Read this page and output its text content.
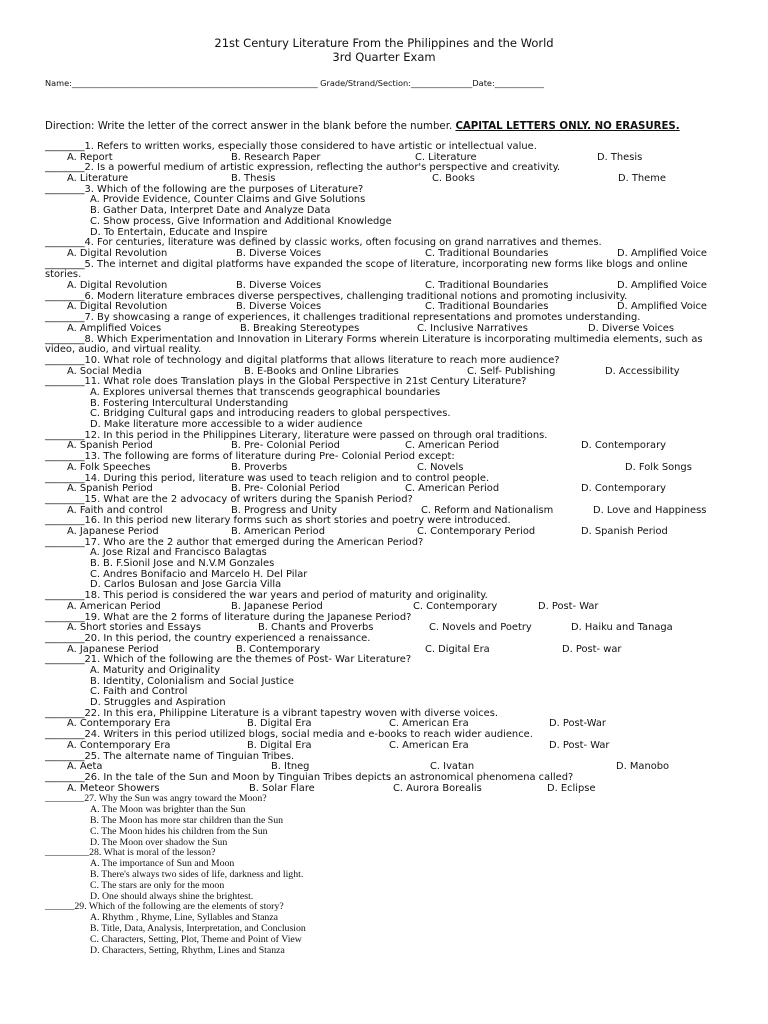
21st Century Literature From the Philippines and the World
3rd Quarter Exam
Name:____________________________________________________________ Grade/Strand/Section:_______________Date:____________
Direction: Write the letter of the correct answer in the blank before the number. CAPITAL LETTERS ONLY. NO ERASURES.
________1. Refers to written works, especially those considered to have artistic or intellectual value.
A. Report	B. Research Paper	C. Literature	D. Thesis
________2. Is a powerful medium of artistic expression, reflecting the author's perspective and creativity.
A. Literature	B. Thesis	C. Books	D. Theme
________3. Which of the following are the purposes of Literature?
A. Provide Evidence, Counter Claims and Give Solutions
B. Gather Data, Interpret Date and Analyze Data
C. Show process, Give Information and Additional Knowledge
D. To Entertain, Educate and Inspire
________4. For centuries, literature was defined by classic works, often focusing on grand narratives and themes.
A. Digital Revolution	B. Diverse Voices	C. Traditional Boundaries	D. Amplified Voice
________5. The internet and digital platforms have expanded the scope of literature, incorporating new forms like blogs and online stories.
A. Digital Revolution	B. Diverse Voices	C. Traditional Boundaries	D. Amplified Voice
________6. Modern literature embraces diverse perspectives, challenging traditional notions and promoting inclusivity.
A. Digital Revolution	B. Diverse Voices	C. Traditional Boundaries	D. Amplified Voice
________7. By showcasing a range of experiences, it challenges traditional representations and promotes understanding.
A. Amplified Voices	B. Breaking Stereotypes	C. Inclusive Narratives	D. Diverse Voices
________8. Which Experimentation and Innovation in Literary Forms wherein Literature is incorporating multimedia elements, such as video, audio, and virtual reality.
________10. What role of technology and digital platforms that allows literature to reach more audience?
A. Social Media	B. E-Books and Online Libraries	C. Self- Publishing	D. Accessibility
________11. What role does Translation plays in the Global Perspective in 21st Century Literature?
A. Explores universal themes that transcends geographical boundaries
B. Fostering Intercultural Understanding
C. Bridging Cultural gaps and introducing readers to global perspectives.
D. Make literature more accessible to a wider audience
________12. In this period in the Philippines Literary, literature were passed on through oral traditions.
A. Spanish Period	B. Pre- Colonial Period	C. American Period	D. Contemporary
________13. The following are forms of literature during Pre- Colonial Period except:
A. Folk Speeches	B. Proverbs	C. Novels	D. Folk Songs
________14. During this period, literature was used to teach religion and to control people.
A. Spanish Period	B. Pre- Colonial Period	C. American Period	D. Contemporary
________15. What are the 2 advocacy of writers during the Spanish Period?
A. Faith and control	B. Progress and Unity	C. Reform and Nationalism	D. Love and Happiness
________16. In this period new literary forms such as short stories and poetry were introduced.
A. Japanese Period	B. American Period	C. Contemporary Period	D. Spanish Period
________17. Who are the 2 author that emerged during the American Period?
A. Jose Rizal and Francisco Balagtas
B. B. F.Sionil Jose and N.V.M Gonzales
C. Andres Bonifacio and Marcelo H. Del Pilar
D. Carlos Bulosan and Jose Garcia Villa
________18. This period is considered the war years and period of maturity and originality.
A. American Period	B. Japanese Period	C. Contemporary	D. Post- War
________19. What are the 2 forms of literature during the Japanese Period?
A. Short stories and Essays	B. Chants and Proverbs	C. Novels and Poetry	D. Haiku and Tanaga
________20. In this period, the country experienced a renaissance.
A. Japanese Period	B. Contemporary	C. Digital Era	D. Post- war
________21. Which of the following are the themes of Post- War Literature?
A. Maturity and Originality
B. Identity, Colonialism and Social Justice
C. Faith and Control
D. Struggles and Aspiration
________22. In this era, Philippine Literature is a vibrant tapestry woven with diverse voices.
A. Contemporary Era	B. Digital Era	C. American Era	D. Post-War
________24. Writers in this period utilized blogs, social media and e-books to reach wider audience.
A. Contemporary Era	B. Digital Era	C. American Era	D. Post- War
________25. The alternate name of Tinguian Tribes.
A. Aeta	B. Itneg	C. Ivatan	D. Manobo
________26. In the tale of the Sun and Moon by Tinguian Tribes depicts an astronomical phenomena called?
A. Meteor Showers	B. Solar Flare	C. Aurora Borealis	D. Eclipse
________27. Why the Sun was angry toward the Moon?
A. The Moon was brighter than the Sun
B. The Moon has more star children than the Sun
C. The Moon hides his children from the Sun
D. The Moon over shadow the Sun
_________28. What is moral of the lesson?
A. The importance of Sun and Moon
B. There's always two sides of life, darkness and light.
C. The stars are only for the moon
D. One should always shine the brightest.
______29. Which of the following are the elements of story?
A. Rhythm , Rhyme, Line, Syllables and Stanza
B. Title, Data, Analysis, Interpretation, and Conclusion
C. Characters, Setting, Plot, Theme and Point of View
D. Characters, Setting, Rhythm, Lines and Stanza
